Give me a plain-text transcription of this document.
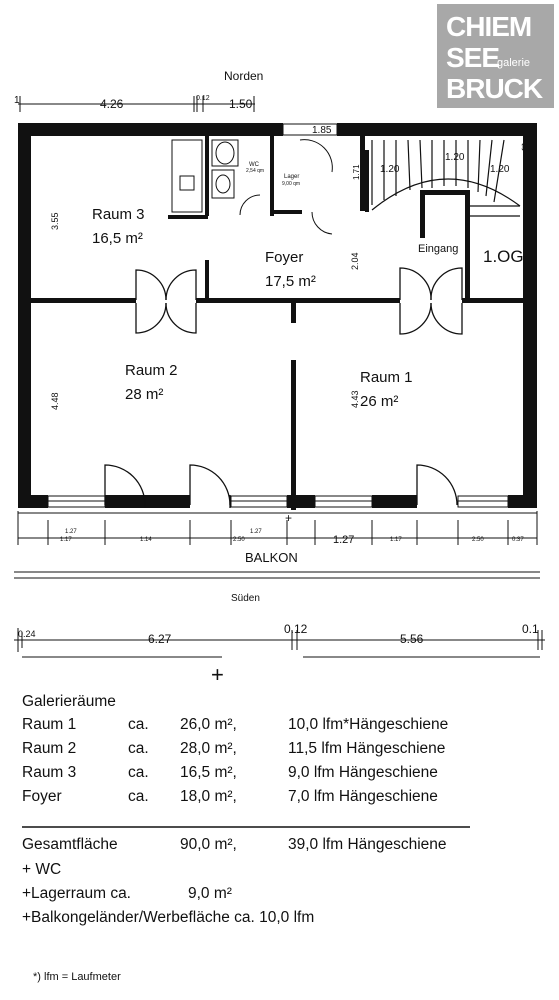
CHIEM
SEE
galerie
BRUCK
Norden
1	4.26	0.12 1.50
1.85
WC
2,54 qm
Lager
9,00 qm
1.20
1.20
1.20
↕
Raum 3
16,5 m²
Foyer
17,5 m²
Raum 2
28 m²
Raum 1
26 m²
Eingang 1.OG
3.55
4.48
2.04
4.43
1.71
1.27
1.17	1.14
1.27
2.50	1.27	1.17	2.50	0.37
+
BALKON
Süden
0.24	6.27
0.12
5.56
0.1
+
Galerieräume
Raum 1	ca. 26,0 m²,	10,0 lfm*Hängeschiene
Raum 2	ca. 28,0 m²,	11,5 lfm Hängeschiene
Raum 3	ca. 16,5 m²,	9,0 lfm Hängeschiene
Foyer	ca. 18,0 m²,	7,0 lfm Hängeschiene
Gesamtfläche	90,0 m²,	39,0 lfm Hängeschiene
+ WC
+Lagerraum ca.	9,0 m²
+Balkongeländer/Werbefläche ca. 10,0 lfm
*) lfm = Laufmeter
